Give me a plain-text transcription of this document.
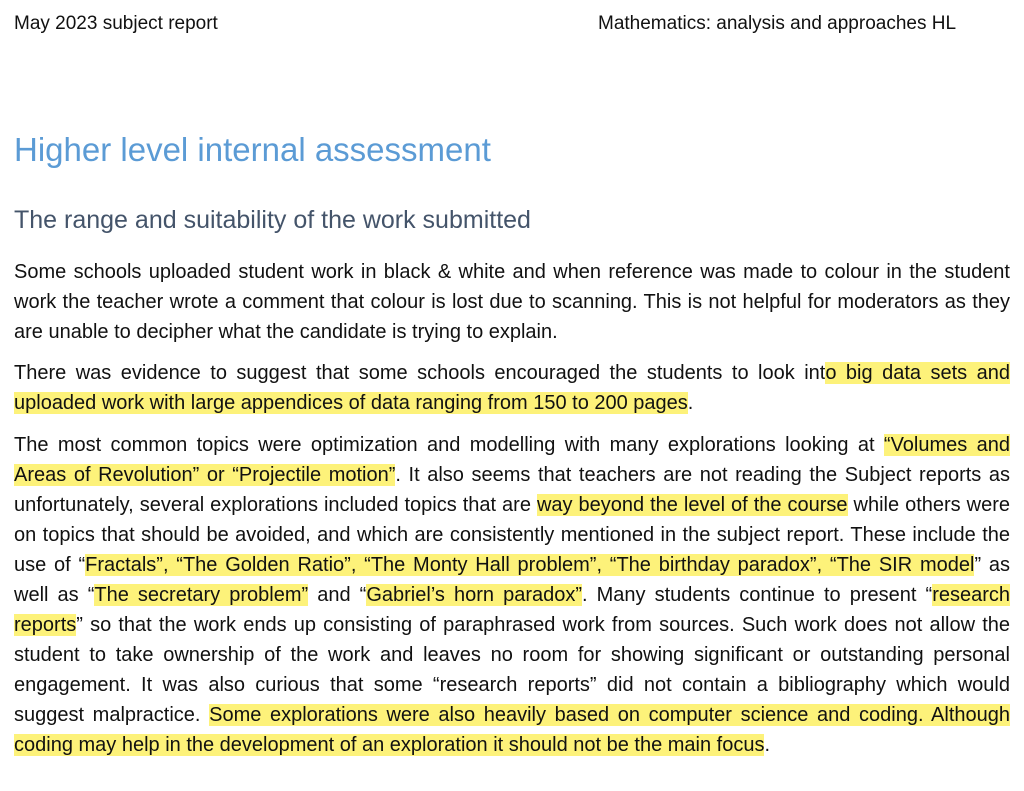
May 2023 subject report	Mathematics: analysis and approaches HL
Higher level internal assessment
The range and suitability of the work submitted

Some schools uploaded student work in black & white and when reference was made to colour in the student work the teacher wrote a comment that colour is lost due to scanning. This is not helpful for moderators as they are unable to decipher what the candidate is trying to explain.

There was evidence to suggest that some schools encouraged the students to look into big data sets and uploaded work with large appendices of data ranging from 150 to 200 pages.

The most common topics were optimization and modelling with many explorations looking at “Volumes and Areas of Revolution” or “Projectile motion”. It also seems that teachers are not reading the Subject reports as unfortunately, several explorations included topics that are way beyond the level of the course while others were on topics that should be avoided, and which are consistently mentioned in the subject report. These include the use of “Fractals”, “The Golden Ratio”, “The Monty Hall problem”, “The birthday paradox”, “The SIR model” as well as “The secretary problem” and “Gabriel’s horn paradox”. Many students continue to present “research reports” so that the work ends up consisting of paraphrased work from sources. Such work does not allow the student to take ownership of the work and leaves no room for showing significant or outstanding personal engagement. It was also curious that some “research reports” did not contain a bibliography which would suggest malpractice. Some explorations were also heavily based on computer science and coding. Although coding may help in the development of an exploration it should not be the main focus.
